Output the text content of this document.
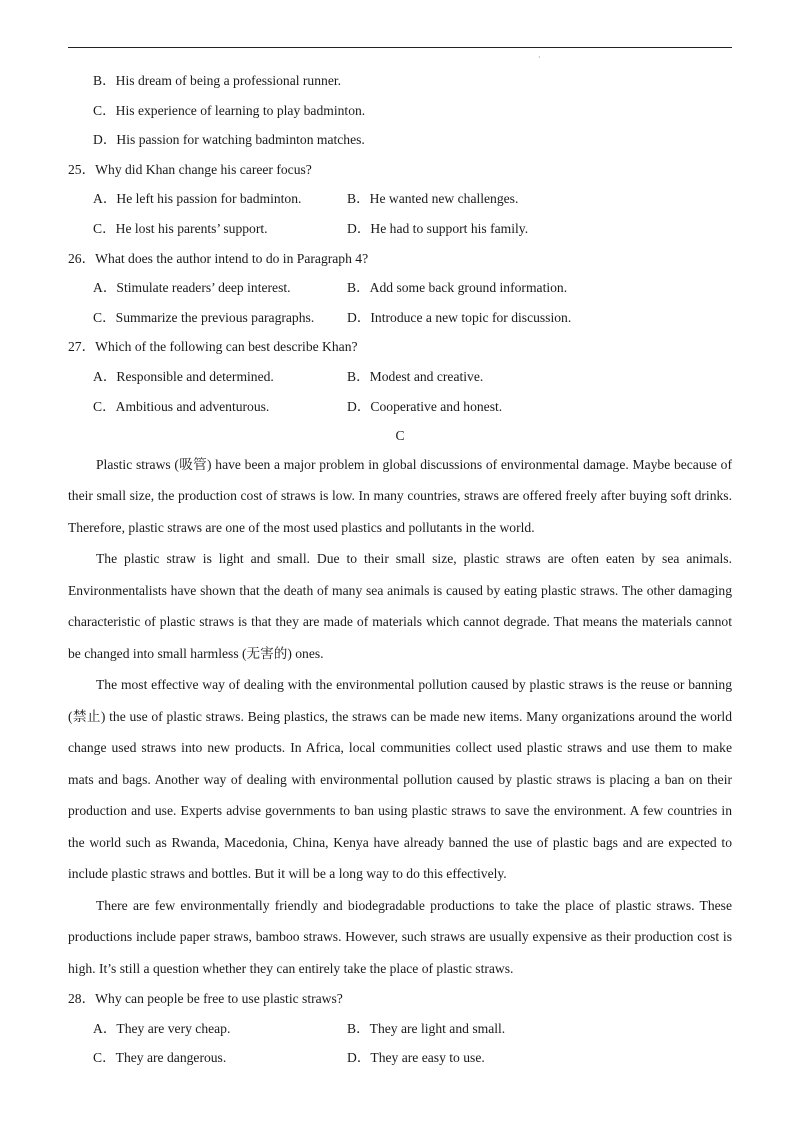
·
B．His dream of being a professional runner.
C．His experience of learning to play badminton.
D．His passion for watching badminton matches.
25．Why did Khan change his career focus?
A．He left his passion for badminton.	B．He wanted new challenges.
C．He lost his parents’ support.	D．He had to support his family.
26．What does the author intend to do in Paragraph 4?
A．Stimulate readers’ deep interest.	B．Add some back ground information.
C．Summarize the previous paragraphs. D．Introduce a new topic for discussion.
27．Which of the following can best describe Khan?
A．Responsible and determined.	B．Modest and creative.
C．Ambitious and adventurous.	D．Cooperative and honest.
C

Plastic straws (吸管) have been a major problem in global discussions of environmental damage. Maybe because of their small size, the production cost of straws is low. In many countries, straws are offered freely after buying soft drinks. Therefore, plastic straws are one of the most used plastics and pollutants in the world.

The plastic straw is light and small. Due to their small size, plastic straws are often eaten by sea animals. Environmentalists have shown that the death of many sea animals is caused by eating plastic straws. The other damaging characteristic of plastic straws is that they are made of materials which cannot degrade. That means the materials cannot be changed into small harmless (无害的) ones.

The most effective way of dealing with the environmental pollution caused by plastic straws is the reuse or banning (禁止) the use of plastic straws. Being plastics, the straws can be made new items. Many organizations around the world change used straws into new products. In Africa, local communities collect used plastic straws and use them to make mats and bags. Another way of dealing with environmental pollution caused by plastic straws is placing a ban on their production and use. Experts advise governments to ban using plastic straws to save the environment. A few countries in the world such as Rwanda, Macedonia, China, Kenya have already banned the use of plastic bags and are expected to include plastic straws and bottles. But it will be a long way to do this effectively.

There are few environmentally friendly and biodegradable productions to take the place of plastic straws. These productions include paper straws, bamboo straws. However, such straws are usually expensive as their production cost is high. It’s still a question whether they can entirely take the place of plastic straws.

28．Why can people be free to use plastic straws?
A．They are very cheap.	B．They are light and small.
C．They are dangerous.	D．They are easy to use.
